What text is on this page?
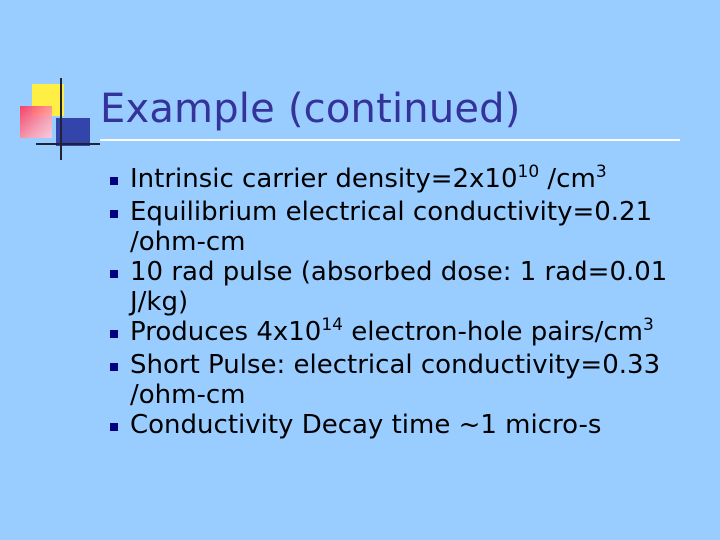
Example (continued)
Intrinsic carrier $density=2x10^{10}$ $/cm^3$
Equilibrium electrical conductivity=0.21 /ohm-cm
10 rad pulse (absorbed dose: 1 rad=0.01 J/kg)
Produces $4x10^{14}$ electron-hole pairs/$cm^3$
Short Pulse: electrical conductivity=0.33 /ohm-cm
Conductivity Decay time ~1 micro-s
